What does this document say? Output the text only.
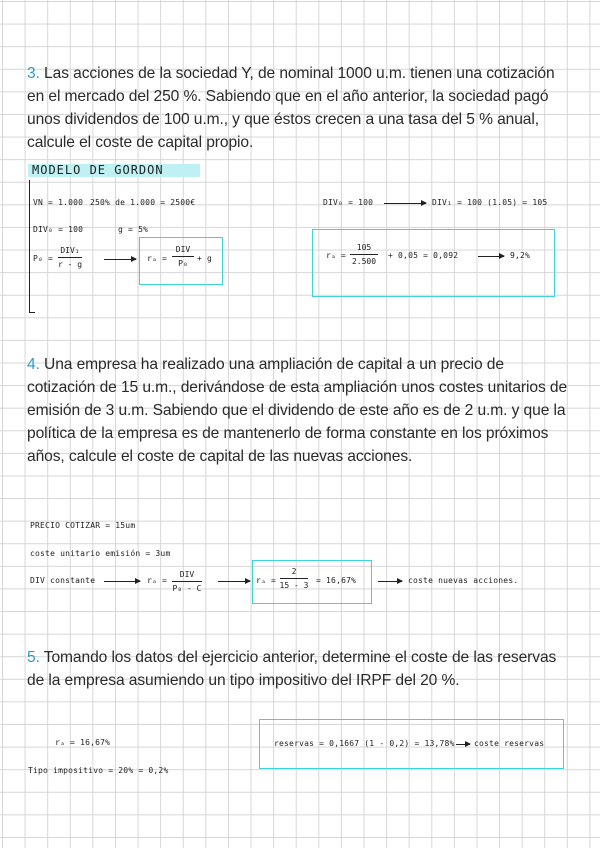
3. Las acciones de la sociedad Y, de nominal 1000 u.m. tienen una cotización en el mercado del 250 %. Sabiendo que en el año anterior, la sociedad pagó unos dividendos de 100 u.m., y que éstos crecen a una tasa del 5 % anual, calcule el coste de capital propio.
MODELO DE GORDON
VN = 1.000 250% de 1.000 = 2500€
DIV₀ = 100	g = 5%
P₀ =
DIV₁
r - g
rₐ =
DIV
P₀
+ g
DIV₀ = 100	DIV₁ = 100 (1.05) = 105
rₐ =
105
2.500
+ 0,05 = 0,092	9,2%
4. Una empresa ha realizado una ampliación de capital a un precio de cotización de 15 u.m., derivándose de esta ampliación unos costes unitarios de emisión de 3 u.m. Sabiendo que el dividendo de este año es de 2 u.m. y que la política de la empresa es de mantenerlo de forma constante en los próximos años, calcule el coste de capital de las nuevas acciones.
PRECIO COTIZAR = 15um
coste unitario emisión = 3um
DIV constante	rₐ =
DIV
P₀ - C
rₐ =
2
15 - 3
= 16,67%	coste nuevas acciones.
5. Tomando los datos del ejercicio anterior, determine el coste de las reservas de la empresa asumiendo un tipo impositivo del IRPF del 20 %.
rₐ = 16,67%
Tipo impositivo = 20% = 0,2%
reservas = 0,1667 (1 - 0,2) = 13,78% coste reservas
